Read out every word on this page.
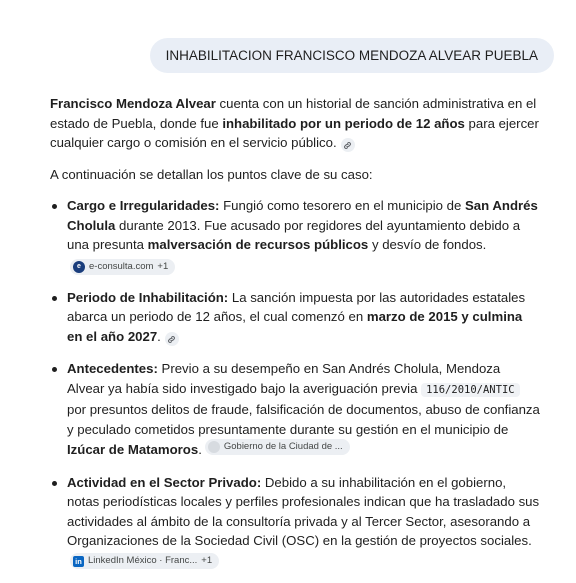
INHABILITACION FRANCISCO MENDOZA ALVEAR PUEBLA

Francisco Mendoza Alvear cuenta con un historial de sanción administrativa en el estado de Puebla, donde fue inhabilitado por un periodo de 12 años para ejercer cualquier cargo o comisión en el servicio público.

A continuación se detallan los puntos clave de su caso:

Cargo e Irregularidades: Fungió como tesorero en el municipio de San Andrés Cholula durante 2013. Fue acusado por regidores del ayuntamiento debido a una presunta malversación de recursos públicos y desvío de fondos.
e e-consulta.com +1
Periodo de Inhabilitación: La sanción impuesta por las autoridades estatales abarca un periodo de 12 años, el cual comenzó en marzo de 2015 y culmina en el año 2027.
Antecedentes: Previo a su desempeño en San Andrés Cholula, Mendoza Alvear ya había sido investigado bajo la averiguación previa 116/2010/ANTIC por presuntos delitos de fraude, falsificación de documentos, abuso de confianza y peculado cometidos presuntamente durante su gestión en el municipio de Izúcar de Matamoros. Gobierno de la Ciudad de ...
Actividad en el Sector Privado: Debido a su inhabilitación en el gobierno, notas periodísticas locales y perfiles profesionales indican que ha trasladado sus actividades al ámbito de la consultoría privada y al Tercer Sector, asesorando a Organizaciones de la Sociedad Civil (OSC) en la gestión de proyectos sociales.
in LinkedIn México · Franc... +1
